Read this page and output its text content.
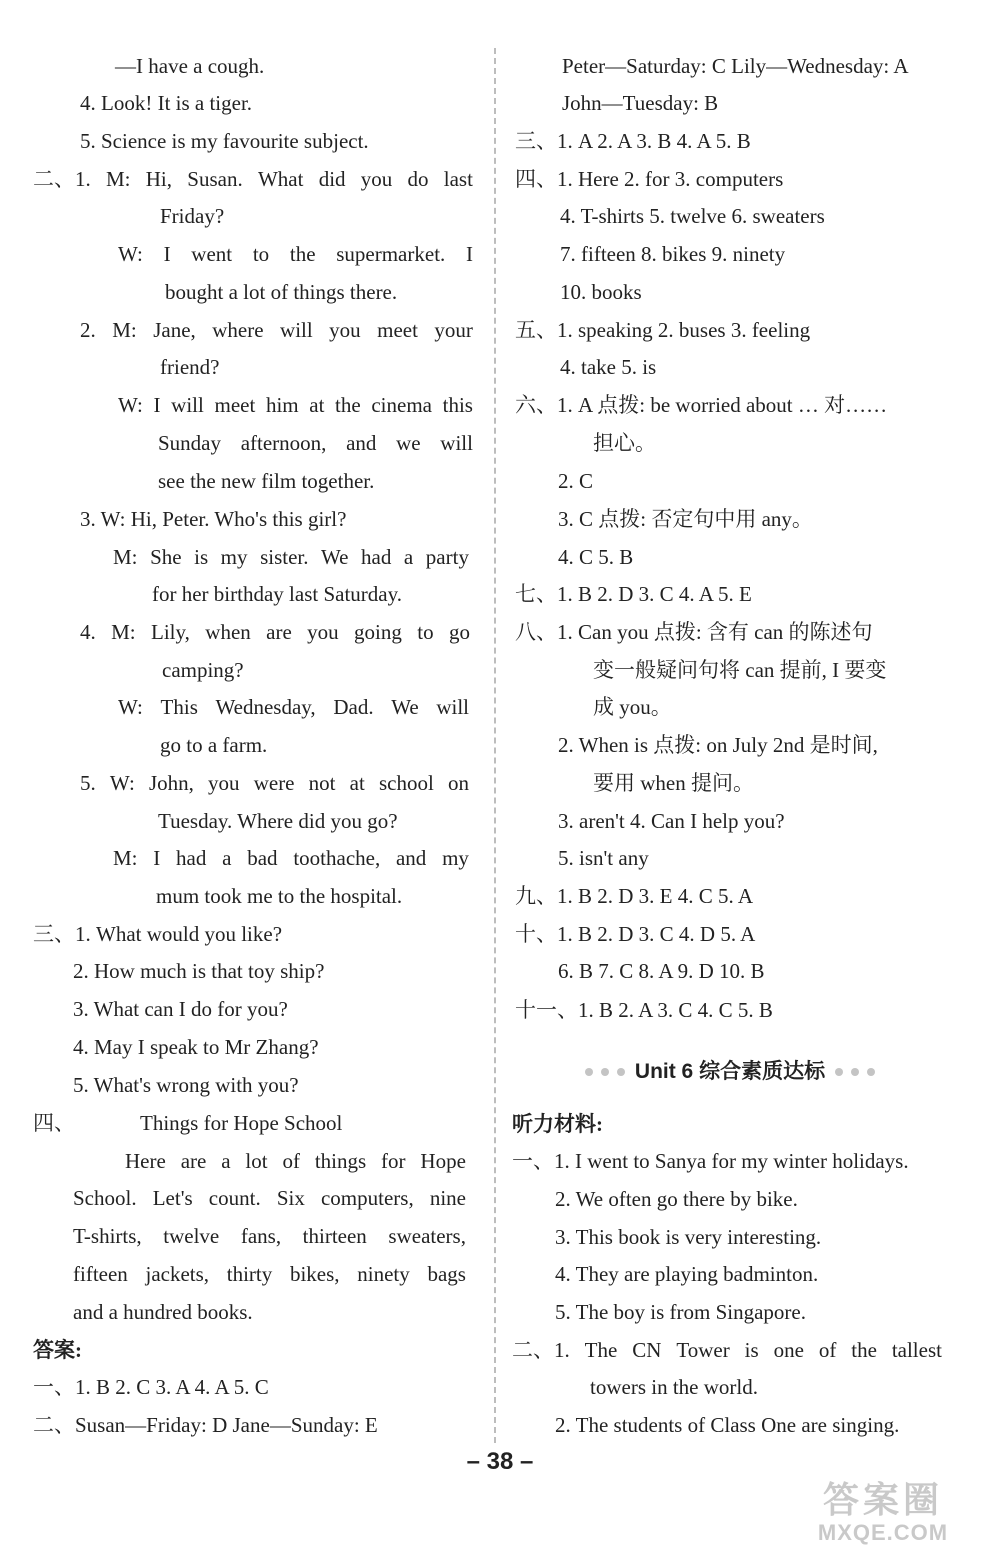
—I have a cough.
4. Look! It is a tiger.
5. Science is my favourite subject.
二、1. M: Hi, Susan. What did you do last
Friday?
W: I went to the supermarket. I
bought a lot of things there.
2. M: Jane, where will you meet your
friend?
W: I will meet him at the cinema this
Sunday afternoon, and we will
see the new film together.
3. W: Hi, Peter. Who's this girl?
M: She is my sister. We had a party
for her birthday last Saturday.
4. M: Lily, when are you going to go
camping?
W: This Wednesday, Dad. We will
go to a farm.
5. W: John, you were not at school on
Tuesday. Where did you go?
M: I had a bad toothache, and my
mum took me to the hospital.
三、1. What would you like?
2. How much is that toy ship?
3. What can I do for you?
4. May I speak to Mr Zhang?
5. What's wrong with you?
四、	Things for Hope School
Here are a lot of things for Hope
School. Let's count. Six computers, nine
T-shirts, twelve fans, thirteen sweaters,
fifteen jackets, thirty bikes, ninety bags
and a hundred books.
答案:
一、1. B 2. C 3. A 4. A 5. C
二、Susan—Friday: D Jane—Sunday: E
Peter—Saturday: C Lily—Wednesday: A
John—Tuesday: B
三、1. A 2. A 3. B 4. A 5. B
四、1. Here 2. for 3. computers
4. T-shirts 5. twelve 6. sweaters
7. fifteen 8. bikes 9. ninety
10. books
五、1. speaking 2. buses 3. feeling
4. take 5. is
六、1. A 点拨: be worried about … 对……
担心。
2. C
3. C 点拨: 否定句中用 any。
4. C 5. B
七、1. B 2. D 3. C 4. A 5. E
八、1. Can you 点拨: 含有 can 的陈述句
变一般疑问句将 can 提前, I 要变
成 you。
2. When is 点拨: on July 2nd 是时间,
要用 when 提问。
3. aren't 4. Can I help you?
5. isn't any
九、1. B 2. D 3. E 4. C 5. A
十、1. B 2. D 3. C 4. D 5. A
6. B 7. C 8. A 9. D 10. B
十一、1. B 2. A 3. C 4. C 5. B
听力材料:
一、1. I went to Sanya for my winter holidays.
2. We often go there by bike.
3. This book is very interesting.
4. They are playing badminton.
5. The boy is from Singapore.
二、1. The CN Tower is one of the tallest
towers in the world.
2. The students of Class One are singing.
Unit 6 综合素质达标
– 38 –
答案圈
MXQE.COM
